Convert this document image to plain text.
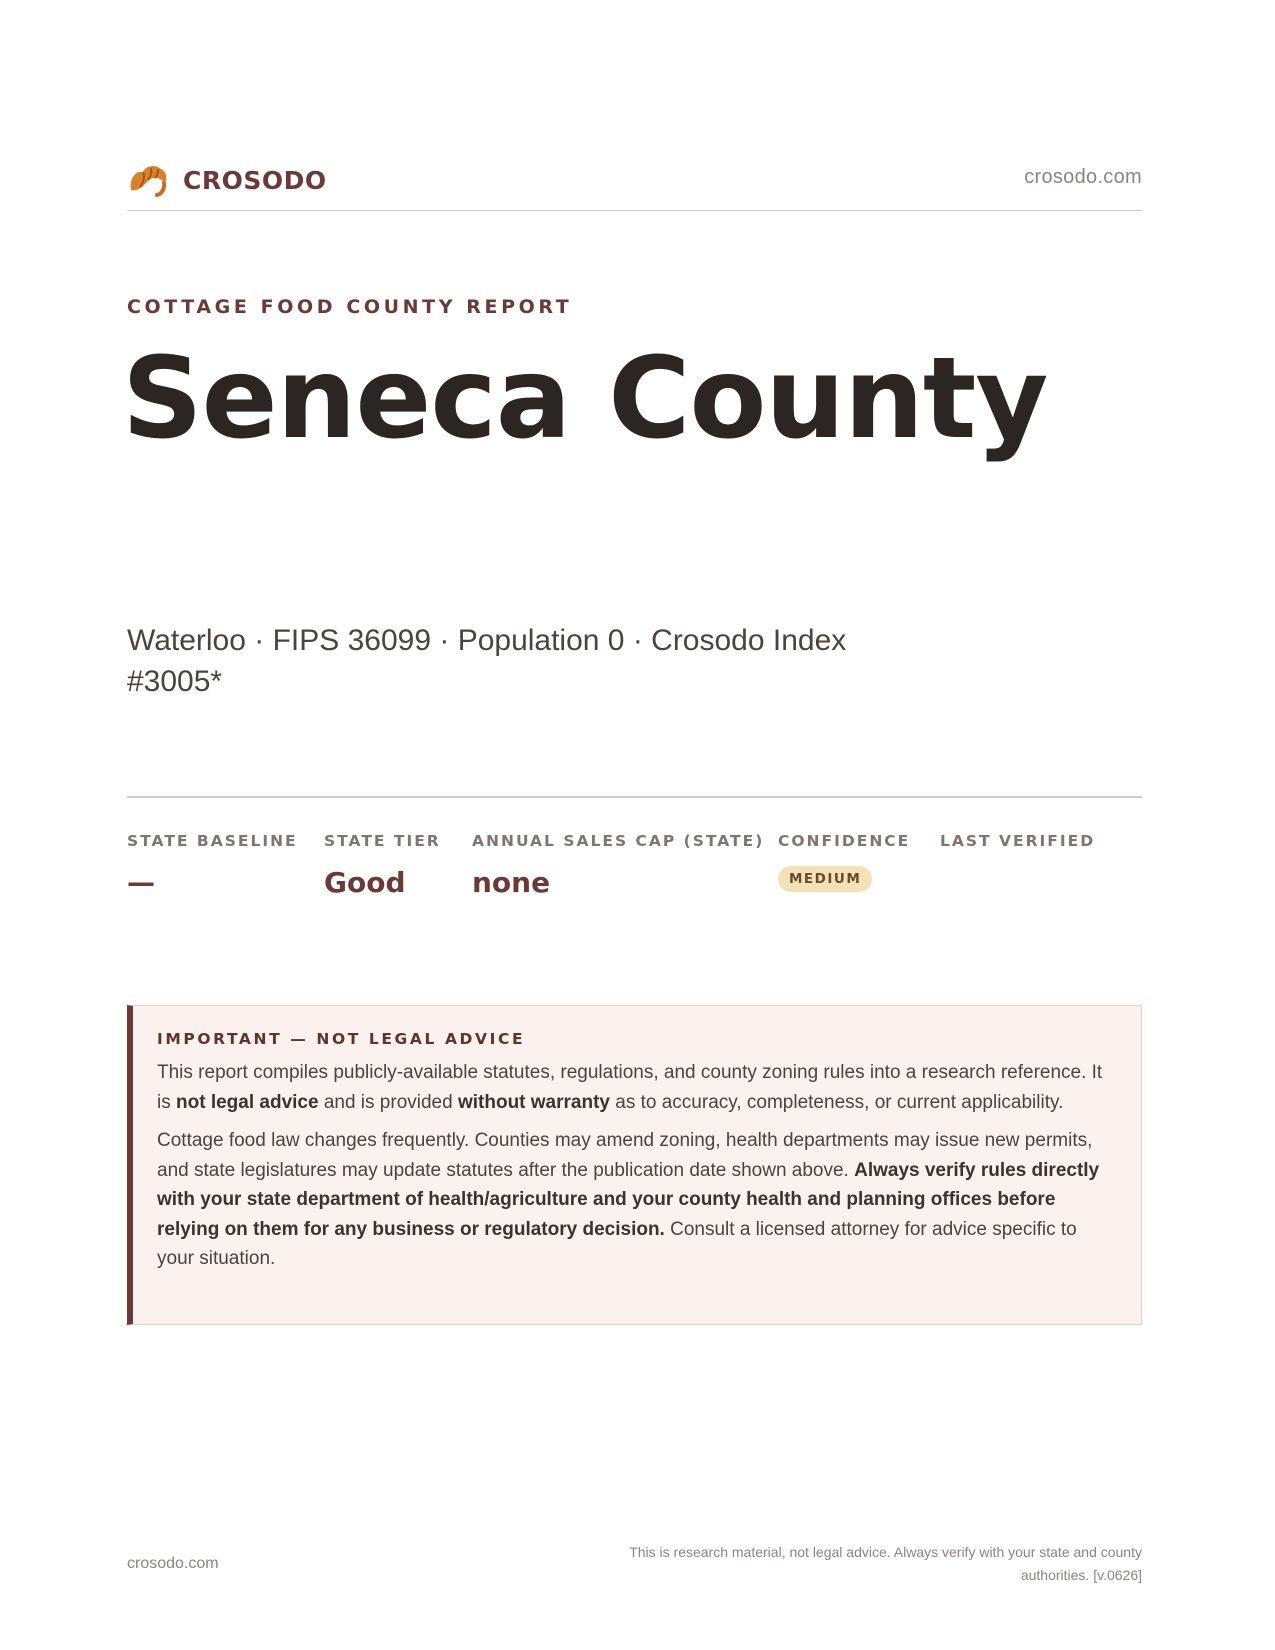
CROSODO	crosodo.com
COTTAGE FOOD COUNTY REPORT
Seneca County
Waterloo · FIPS 36099 · Population 0 · Crosodo Index #3005*
STATE BASELINE
—
STATE TIER
Good
ANNUAL SALES CAP (STATE)
none
CONFIDENCE
MEDIUM
LAST VERIFIED
IMPORTANT — NOT LEGAL ADVICE

This report compiles publicly-available statutes, regulations, and county zoning rules into a research reference. It is not legal advice and is provided without warranty as to accuracy, completeness, or current applicability.

Cottage food law changes frequently. Counties may amend zoning, health departments may issue new permits, and state legislatures may update statutes after the publication date shown above. Always verify rules directly with your state department of health/agriculture and your county health and planning offices before relying on them for any business or regulatory decision. Consult a licensed attorney for advice specific to your situation.

crosodo.com
This is research material, not legal advice. Always verify with your state and county authorities. [v.0626]
